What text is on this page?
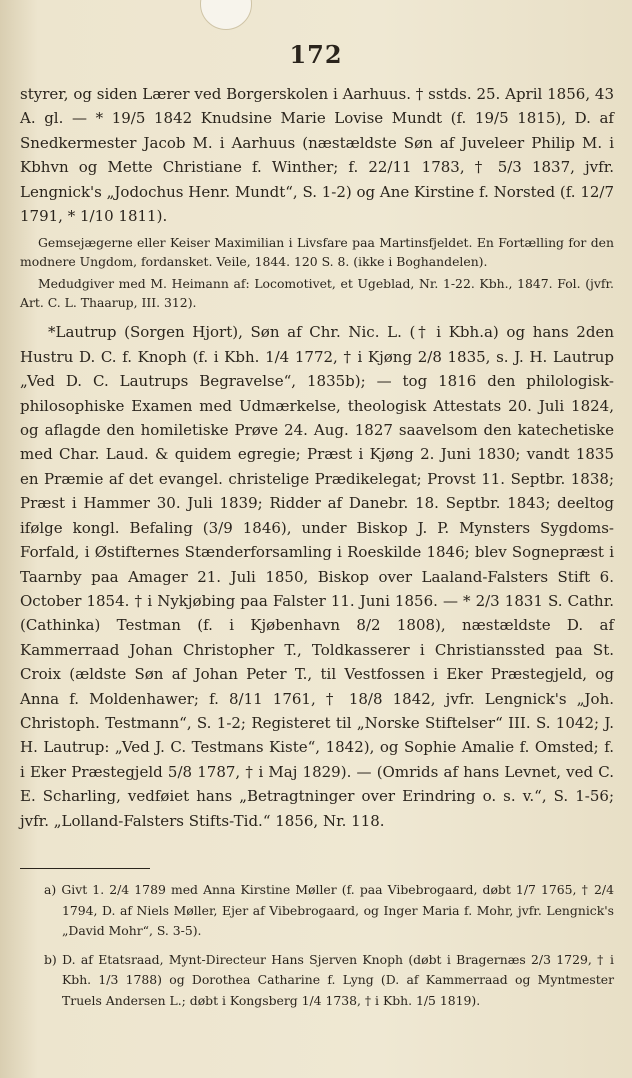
172

styrer, og siden Lærer ved Borgerskolen i Aarhuus. † sstds. 25. April 1856, 43 A. gl. — * 19/5 1842 Knudsine Marie Lovise Mundt (f. 19/5 1815), D. af Snedkermester Jacob M. i Aarhuus (næstældste Søn af Juveleer Philip M. i Kbhvn og Mette Christiane f. Winther; f. 22/11 1783, † 5/3 1837, jvfr. Lengnick's „Jodochus Henr. Mundt“, S. 1-2) og Ane Kirstine f. Norsted (f. 12/7 1791, * 1/10 1811).

Gemsejægerne eller Keiser Maximilian i Livsfare paa Martinsfjeldet. En Fortælling for den modnere Ungdom, fordansket. Veile, 1844. 120 S. 8. (ikke i Boghandelen).

Medudgiver med M. Heimann af: Locomotivet, et Ugeblad, Nr. 1-22. Kbh., 1847. Fol. (jvfr. Art. C. L. Thaarup, III. 312).

*Lautrup (Sorgen Hjort), Søn af Chr. Nic. L. († i Kbh.a) og hans 2den Hustru D. C. f. Knoph (f. i Kbh. 1/4 1772, † i Kjøng 2/8 1835, s. J. H. Lautrup „Ved D. C. Lautrups Begravelse“, 1835b); — tog 1816 den philologisk-philosophiske Examen med Udmærkelse, theologisk Attestats 20. Juli 1824, og aflagde den homiletiske Prøve 24. Aug. 1827 saavelsom den katechetiske med Char. Laud. & quidem egregie; Præst i Kjøng 2. Juni 1830; vandt 1835 en Præmie af det evangel. christelige Prædikelegat; Provst 11. Septbr. 1838; Præst i Hammer 30. Juli 1839; Ridder af Danebr. 18. Septbr. 1843; deeltog ifølge kongl. Befaling (3/9 1846), under Biskop J. P. Mynsters Sygdoms-Forfald, i Østifternes Stænderforsamling i Roeskilde 1846; blev Sognepræst i Taarnby paa Amager 21. Juli 1850, Biskop over Laaland-Falsters Stift 6. October 1854. † i Nykjøbing paa Falster 11. Juni 1856. — * 2/3 1831 S. Cathr. (Cathinka) Testman (f. i Kjøbenhavn 8/2 1808), næstældste D. af Kammerraad Johan Christopher T., Toldkasserer i Christianssted paa St. Croix (ældste Søn af Johan Peter T., til Vestfossen i Eker Præstegjeld, og Anna f. Moldenhawer; f. 8/11 1761, † 18/8 1842, jvfr. Lengnick's „Joh. Christoph. Testmann“, S. 1-2; Registeret til „Norske Stiftelser“ III. S. 1042; J. H. Lautrup: „Ved J. C. Testmans Kiste“, 1842), og Sophie Amalie f. Omsted; f. i Eker Præstegjeld 5/8 1787, † i Maj 1829). — (Omrids af hans Levnet, ved C. E. Scharling, vedføiet hans „Betragtninger over Erindring o. s. v.“, S. 1-56; jvfr. „Lolland-Falsters Stifts-Tid.“ 1856, Nr. 118.

a) Givt 1. 2/4 1789 med Anna Kirstine Møller (f. paa Vibebrogaard, døbt 1/7 1765, † 2/4 1794, D. af Niels Møller, Ejer af Vibebrogaard, og Inger Maria f. Mohr, jvfr. Lengnick's „David Mohr“, S. 3-5).

b) D. af Etatsraad, Mynt-Directeur Hans Sjerven Knoph (døbt i Bragernæs 2/3 1729, † i Kbh. 1/3 1788) og Dorothea Catharine f. Lyng (D. af Kammerraad og Myntmester Truels Andersen L.; døbt i Kongsberg 1/4 1738, † i Kbh. 1/5 1819).
